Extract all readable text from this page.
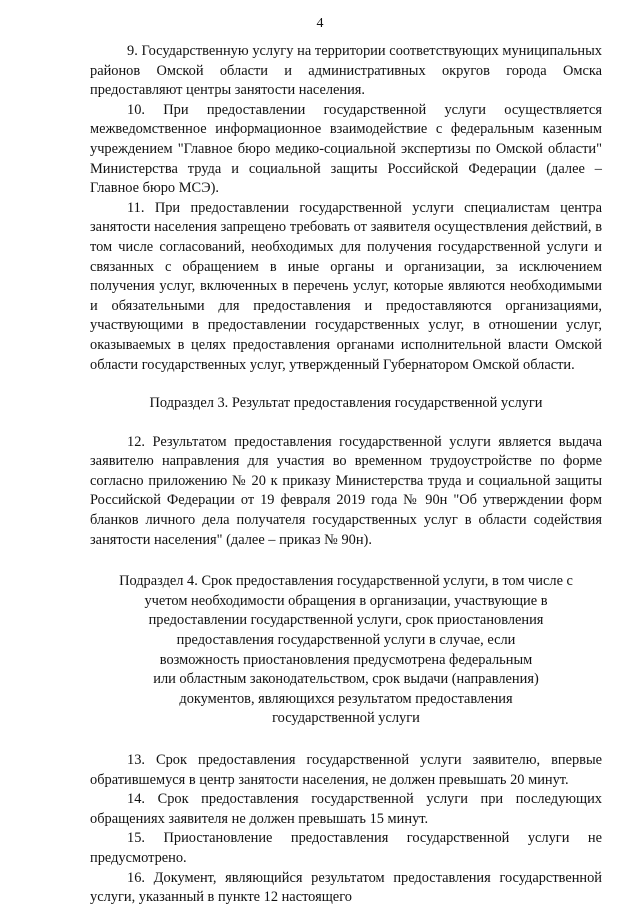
4

9. Государственную услугу на территории соответствующих муниципальных районов Омской области и административных округов города Омска предоставляют центры занятости населения.

10. При предоставлении государственной услуги осуществляется межведомственное информационное взаимодействие с федеральным казенным учреждением "Главное бюро медико-социальной экспертизы по Омской области" Министерства труда и социальной защиты Российской Федерации (далее – Главное бюро МСЭ).

11. При предоставлении государственной услуги специалистам центра занятости населения запрещено требовать от заявителя осуществления действий, в том числе согласований, необходимых для получения государственной услуги и связанных с обращением в иные органы и организации, за исключением получения услуг, включенных в перечень услуг, которые являются необходимыми и обязательными для предоставления и предоставляются организациями, участвующими в предоставлении государственных услуг, в отношении услуг, оказываемых в целях предоставления органами исполнительной власти Омской области государственных услуг, утвержденный Губернатором Омской области.

Подраздел 3. Результат предоставления государственной услуги

12. Результатом предоставления государственной услуги является выдача заявителю направления для участия во временном трудоустройстве по форме согласно приложению № 20 к приказу Министерства труда и социальной защиты Российской Федерации от 19 февраля 2019 года № 90н "Об утверждении форм бланков личного дела получателя государственных услуг в области содействия занятости населения" (далее – приказ № 90н).

Подраздел 4. Срок предоставления государственной услуги, в том числе с
учетом необходимости обращения в организации, участвующие в
предоставлении государственной услуги, срок приостановления
предоставления государственной услуги в случае, если
возможность приостановления предусмотрена федеральным
или областным законодательством, срок выдачи (направления)
документов, являющихся результатом предоставления
государственной услуги

13. Срок предоставления государственной услуги заявителю, впервые обратившемуся в центр занятости населения, не должен превышать 20 минут.

14. Срок предоставления государственной услуги при последующих обращениях заявителя не должен превышать 15 минут.

15. Приостановление предоставления государственной услуги не предусмотрено.

16. Документ, являющийся результатом предоставления государственной услуги, указанный в пункте 12 настоящего
